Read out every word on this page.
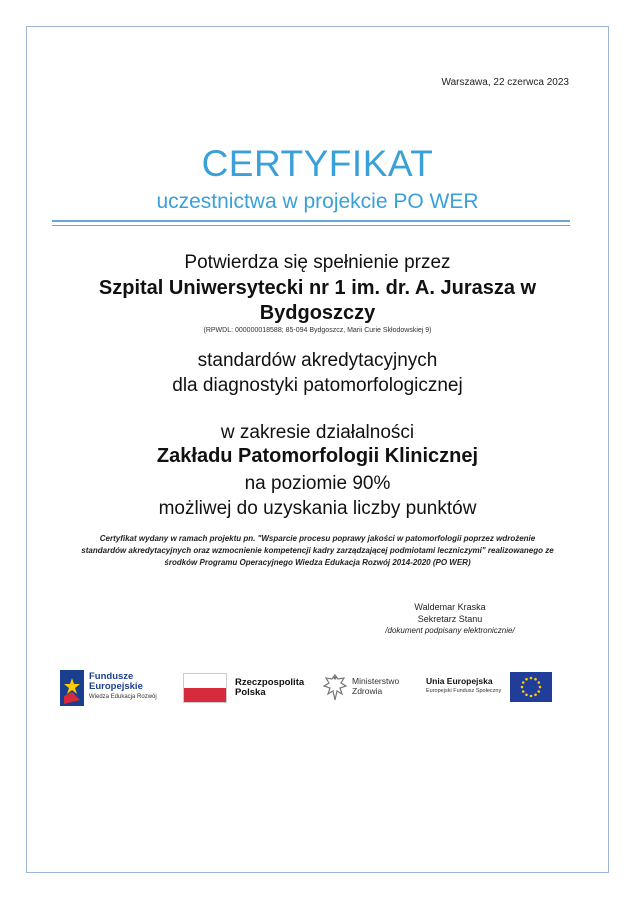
Warszawa, 22 czerwca 2023
CERTYFIKAT
uczestnictwa w projekcie PO WER
Potwierdza się spełnienie przez
Szpital Uniwersytecki nr 1 im. dr. A. Jurasza w Bydgoszczy
(RPWDL: 000000018588; 85-094 Bydgoszcz, Marii Curie Skłodowskiej 9)
standardów akredytacyjnych
dla diagnostyki patomorfologicznej
w zakresie działalności
Zakładu Patomorfologii Klinicznej
na poziomie 90%
możliwej do uzyskania liczby punktów
Certyfikat wydany w ramach projektu pn. "Wsparcie procesu poprawy jakości w patomorfologii poprzez wdrożenie standardów akredytacyjnych oraz wzmocnienie kompetencji kadry zarządzającej podmiotami leczniczymi" realizowanego ze środków Programu Operacyjnego Wiedza Edukacja Rozwój 2014-2020 (PO WER)
Waldemar Kraska
Sekretarz Stanu
/dokument podpisany elektronicznie/
Fundusze
Europejskie
Wiedza Edukacja Rozwój
Rzeczpospolita
Polska
Ministerstwo
Zdrowia
Unia Europejska
Europejski Fundusz Społeczny
